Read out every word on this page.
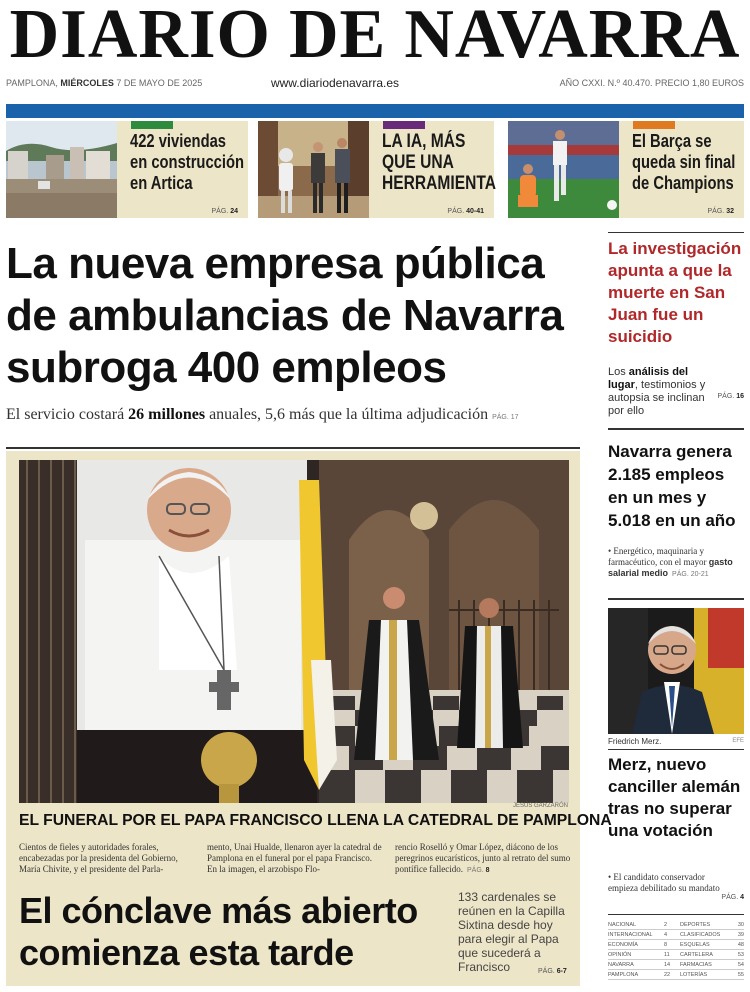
DIARIO DE NAVARRA
PAMPLONA, MIÉRCOLES 7 DE MAYO DE 2025	www.diariodenavarra.es	AÑO CXXI. N.º 40.470. PRECIO 1,80 EUROS
422 viviendas en construcción en Artica
PÁG. 24
LA IA, MÁS QUE UNA HERRAMIENTA
PÁG. 40-41
El Barça se queda sin final de Champions
PÁG. 32
La nueva empresa pública de ambulancias de Navarra subroga 400 empleos
El servicio costará 26 millones anuales, 5,6 más que la última adjudicación PÁG. 17
JESÚS GARZARÓN
EL FUNERAL POR EL PAPA FRANCISCO LLENA LA CATEDRAL DE PAMPLONA
Cientos de fieles y autoridades forales, encabezadas por la presidenta del Gobierno, María Chivite, y el presidente del Parla-
mento, Unai Hualde, llenaron ayer la catedral de Pamplona en el funeral por el papa Francisco. En la imagen, el arzobispo Flo-
rencio Roselló y Omar López, diácono de los peregrinos eucarísticos, junto al retrato del sumo pontífice fallecido. PÁG. 8
El cónclave más abierto comienza esta tarde
133 cardenales se reúnen en la Capilla Sixtina desde hoy para elegir al Papa que sucederá a Francisco	PÁG. 6-7
La investigación apunta a que la muerte en San Juan fue un suicidio
Los análisis del lugar, testimonios y autopsia se inclinan por ello
PÁG. 16
Navarra genera 2.185 empleos en un mes y 5.018 en un año
• Energético, maquinaria y farmacéutico, con el mayor gasto salarial medio PÁG. 20-21
Friedrich Merz.	EFE
Merz, nuevo canciller alemán tras no superar una votación
• El candidato conservador empieza debilitado su mandato
PÁG. 4
NACIONAL	2 DEPORTES	30
INTERNACIONAL 4 CLASIFICADOS	39
ECONOMÍA	8 ESQUELAS	48
OPINIÓN	11 CARTELERA	53
NAVARRA	14 FARMACIAS	54
PAMPLONA	22 LOTERÍAS	55
